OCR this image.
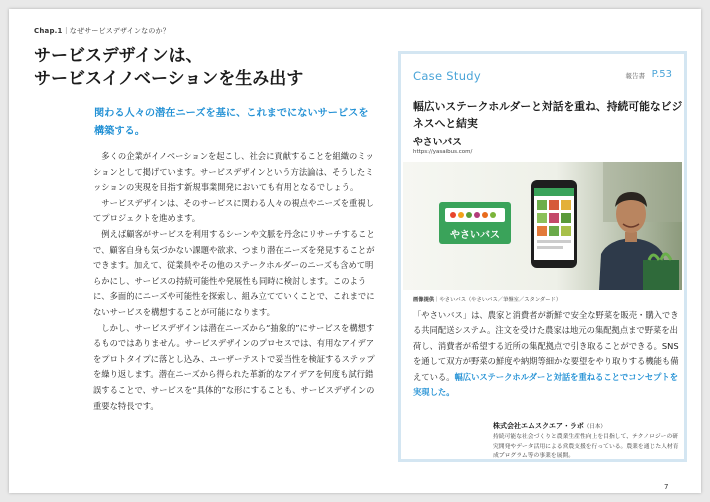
Chap.1｜なぜサービスデザインなのか？
サービスデザインは、
サービスイノベーションを生み出す
関わる人々の潜在ニーズを基に、これまでにないサービスを構築する。

多くの企業がイノベーションを起こし、社会に貢献することを組織のミッションとして掲げています。サービスデザインという方法論は、そうしたミッションの実現を目指す新規事業開発においても有用となるでしょう。

サービスデザインは、そのサービスに関わる人々の視点やニーズを重視してプロジェクトを進めます。

例えば顧客がサービスを利用するシーンや文脈を丹念にリサーチすることで、顧客自身も気づかない課題や欲求、つまり潜在ニーズを発見することができます。加えて、従業員やその他のステークホルダーのニーズも含めて明らかにし、サービスの持続可能性や発展性も同時に検討します。このように、多面的にニーズや可能性を探索し、組み立てていくことで、これまでにないサービスを構想することが可能になります。

しかし、サービスデザインは潜在ニーズから“抽象的”にサービスを構想するものではありません。サービスデザインのプロセスでは、有用なアイデアをプロトタイプに落とし込み、ユーザーテストで妥当性を検証するステップを繰り返します。潜在ニーズから得られた革新的なアイデアを何度も試行錯誤することで、サービスを“具体的”な形にすることも、サービスデザインの重要な特長です。

Case Study	報告書 P.53
幅広いステークホルダーと対話を重ね、持続可能なビジネスへと結実
やさいバス
https://yasaibus.com/
やさいバス
画像提供｜やさいバス（やさいバス／筆盤室／スタンダード）
「やさいバス」は、農家と消費者が新鮮で安全な野菜を販売・購入できる共同配送システム。注文を受けた農家は地元の集配拠点まで野菜を出荷し、消費者が希望する近所の集配拠点で引き取ることができる。SNSを通して双方が野菜の鮮度や納期等細かな要望をやり取りする機能も備えている。幅広いステークホルダーと対話を重ねることでコンセプトを実現した。
株式会社エムスクエア・ラボ（日本）
持続可能な社会づくりと農業生産性向上を目指して、テクノロジーの研究開発やデータ活用による営農支援を行っている。農業を通じた人材育成プログラム等の事業を展開。
7
